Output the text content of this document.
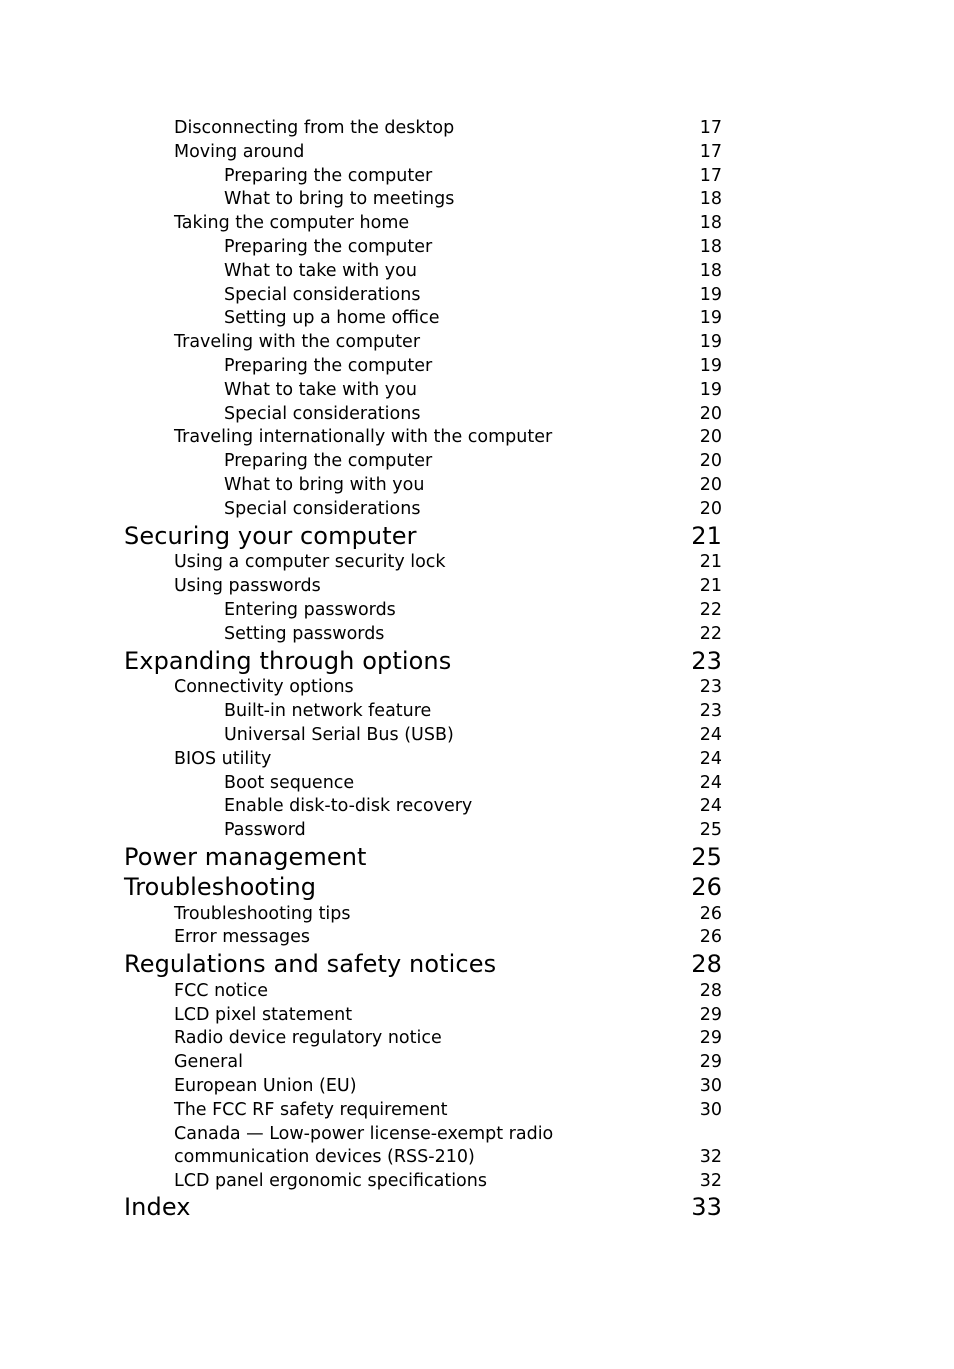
Disconnecting from the desktop	17
Moving around	17
Preparing the computer	17
What to bring to meetings	18
Taking the computer home	18
Preparing the computer	18
What to take with you	18
Special considerations	19
Setting up a home office	19
Traveling with the computer	19
Preparing the computer	19
What to take with you	19
Special considerations	20
Traveling internationally with the computer	20
Preparing the computer	20
What to bring with you	20
Special considerations	20
Securing your computer	21
Using a computer security lock	21
Using passwords	21
Entering passwords	22
Setting passwords	22
Expanding through options	23
Connectivity options	23
Built-in network feature	23
Universal Serial Bus (USB)	24
BIOS utility	24
Boot sequence	24
Enable disk-to-disk recovery	24
Password	25
Power management	25
Troubleshooting	26
Troubleshooting tips	26
Error messages	26
Regulations and safety notices	28
FCC notice	28
LCD pixel statement	29
Radio device regulatory notice	29
General	29
European Union (EU)	30
The FCC RF safety requirement	30
Canada — Low-power license-exempt radio
communication devices (RSS-210)	32
LCD panel ergonomic specifications	32
Index	33
